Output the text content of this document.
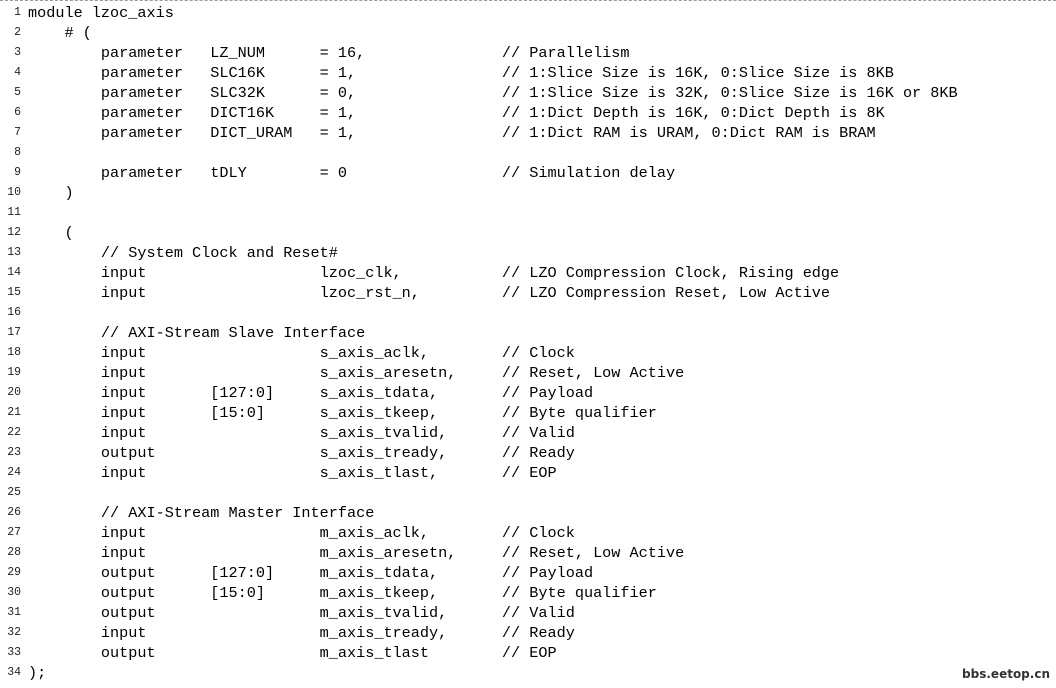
1 module lzoc_axis
2 # (
3 parameter   LZ_NUM      = 16,               // Parallelism
4 parameter   SLC16K      = 1,                // 1:Slice Size is 16K, 0:Slice Size is 8KB
5 parameter   SLC32K      = 0,                // 1:Slice Size is 32K, 0:Slice Size is 16K or 8KB
6 parameter   DICT16K     = 1,                // 1:Dict Depth is 16K, 0:Dict Depth is 8K
7 parameter   DICT_URAM   = 1,                // 1:Dict RAM is URAM, 0:Dict RAM is BRAM
8
9 parameter   tDLY        = 0                 // Simulation delay
10 )
11
12 (
13 // System Clock and Reset#
14 input                   lzoc_clk,           // LZO Compression Clock, Rising edge
15 input                   lzoc_rst_n,         // LZO Compression Reset, Low Active
16
17 // AXI-Stream Slave Interface
18 input                   s_axis_aclk,        // Clock
19 input                   s_axis_aresetn,     // Reset, Low Active
20 input       [127:0]     s_axis_tdata,       // Payload
21 input       [15:0]      s_axis_tkeep,       // Byte qualifier
22 input                   s_axis_tvalid,      // Valid
23 output                  s_axis_tready,      // Ready
24 input                   s_axis_tlast,       // EOP
25
26 // AXI-Stream Master Interface
27 input                   m_axis_aclk,        // Clock
28 input                   m_axis_aresetn,     // Reset, Low Active
29 output      [127:0]     m_axis_tdata,       // Payload
30 output      [15:0]      m_axis_tkeep,       // Byte qualifier
31 output                  m_axis_tvalid,      // Valid
32 input                   m_axis_tready,      // Ready
33 output                  m_axis_tlast        // EOP
34 );	bbs.eetop.cn
